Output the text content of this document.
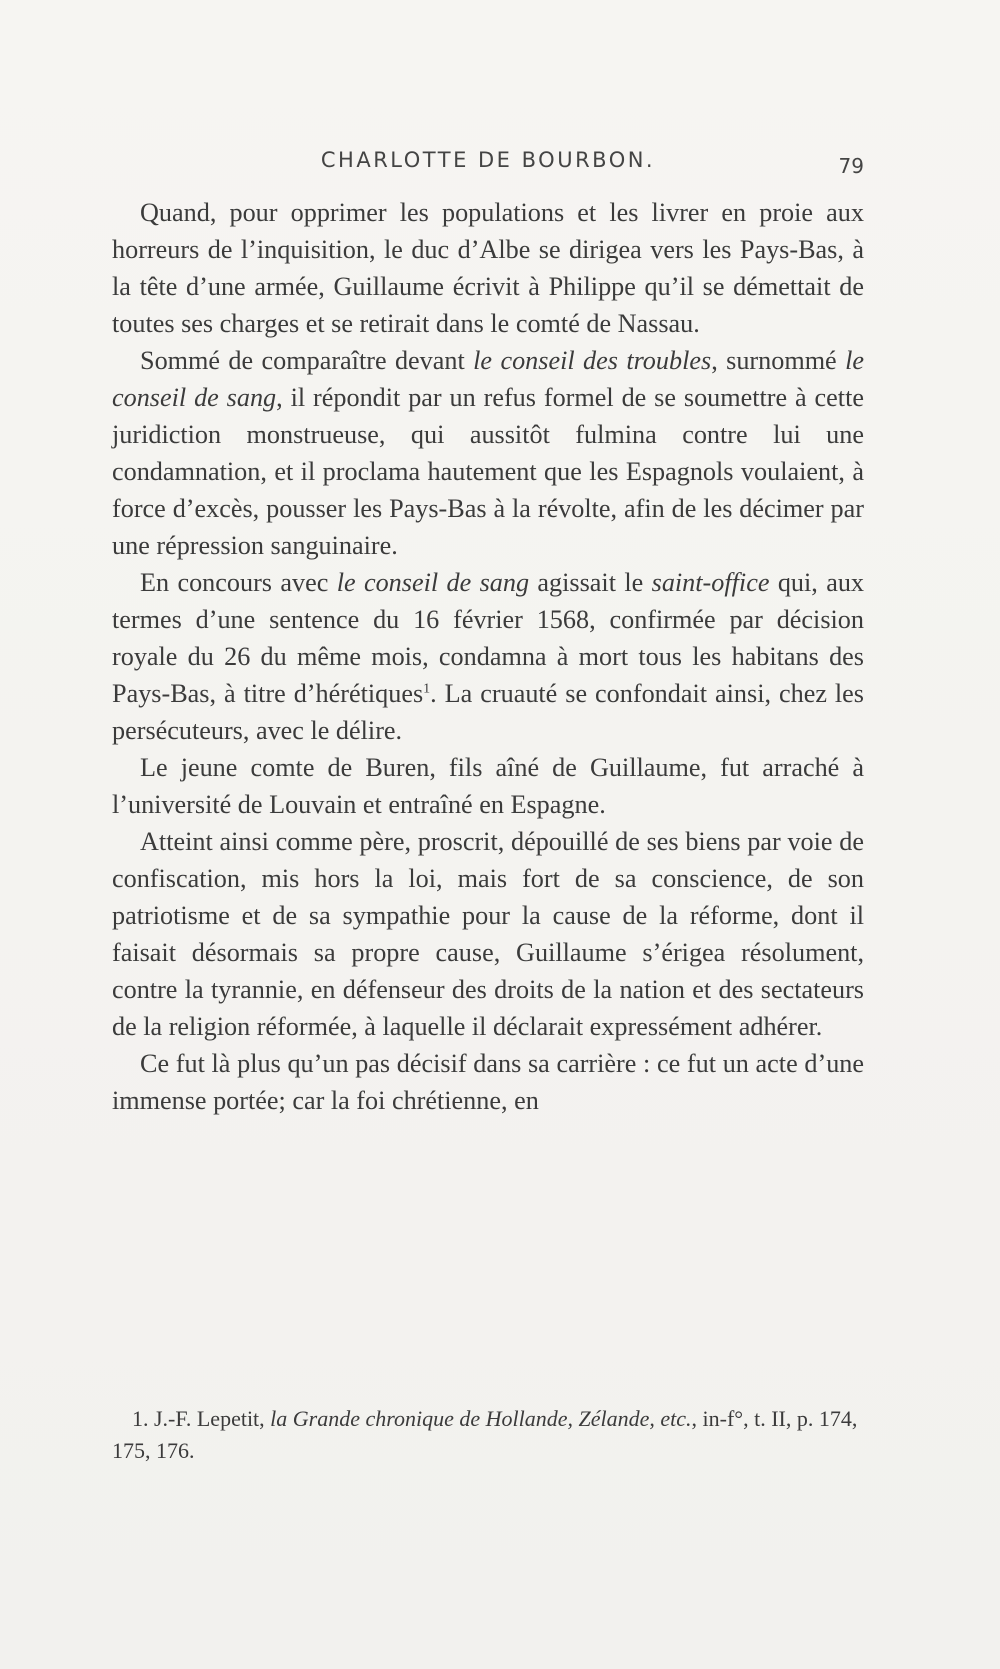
CHARLOTTE DE BOURBON.	79

Quand, pour opprimer les populations et les livrer en proie aux horreurs de l’inquisition, le duc d’Albe se dirigea vers les Pays-Bas, à la tête d’une armée, Guillaume écrivit à Philippe qu’il se démettait de toutes ses charges et se retirait dans le comté de Nassau.

Sommé de comparaître devant le conseil des troubles, surnommé le conseil de sang, il répondit par un refus formel de se soumettre à cette juridiction monstrueuse, qui aussitôt fulmina contre lui une condamnation, et il proclama hautement que les Espagnols voulaient, à force d’excès, pousser les Pays-Bas à la révolte, afin de les décimer par une répression sanguinaire.

En concours avec le conseil de sang agissait le saint-office qui, aux termes d’une sentence du 16 février 1568, confirmée par décision royale du 26 du même mois, condamna à mort tous les habitans des Pays-Bas, à titre d’hérétiques$^1$. La cruauté se confondait ainsi, chez les persécuteurs, avec le délire.

Le jeune comte de Buren, fils aîné de Guillaume, fut arraché à l’université de Louvain et entraîné en Espagne.

Atteint ainsi comme père, proscrit, dépouillé de ses biens par voie de confiscation, mis hors la loi, mais fort de sa conscience, de son patriotisme et de sa sympathie pour la cause de la réforme, dont il faisait désormais sa propre cause, Guillaume s’érigea résolument, contre la tyrannie, en défenseur des droits de la nation et des sectateurs de la religion réformée, à laquelle il déclarait expressément adhérer.

Ce fut là plus qu’un pas décisif dans sa carrière : ce fut un acte d’une immense portée; car la foi chrétienne, en

1. J.-F. Lepetit, la Grande chronique de Hollande, Zélande, etc., in-f°, t. II, p. 174, 175, 176.
